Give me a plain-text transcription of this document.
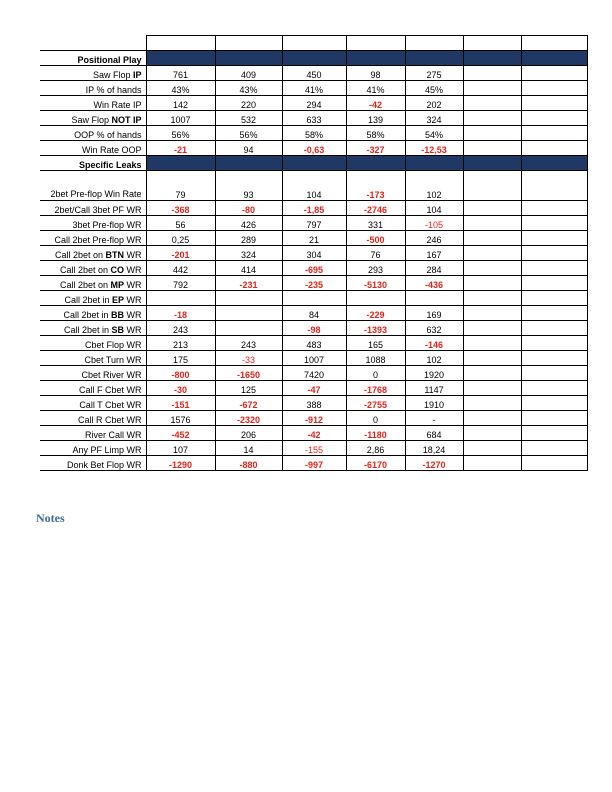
Positional Play							
Saw Flop IP	761	409	450	98	275		
IP % of hands	43%	43%	41%	41%	45%		
Win Rate IP	142	220	294	-42	202		
Saw Flop NOT IP	1007	532	633	139	324		
OOP % of hands	56%	56%	58%	58%	54%		
Win Rate OOP	-21	94	-0,63	-327	-12,53		
Specific Leaks							
2bet Pre-flop Win Rate	79	93	104	-173	102		
2bet/Call 3bet PF WR	-368	-80	-1,85	-2746	104		
3bet Pre-flop WR	56	426	797	331	-105		
Call 2bet Pre-flop WR	0,25	289	21	-500	246		
Call 2bet on BTN WR	-201	324	304	76	167		
Call 2bet on CO WR	442	414	-695	293	284		
Call 2bet on MP WR	792	-231	-235	-5130	-436		
Call 2bet in EP WR							
Call 2bet in BB WR	-18		84	-229	169		
Call 2bet in SB WR	243		-98	-1393	632		
Cbet Flop WR	213	243	483	165	-146		
Cbet Turn WR	175	-33	1007	1088	102		
Cbet River WR	-800	-1650	7420	0	1920		
Call F Cbet WR	-30	125	-47	-1768	1147		
Call T Cbet WR	-151	-672	388	-2755	1910		
Call R Cbet WR	1576	-2320	-912	0	-		
River Call WR	-452	206	-42	-1180	684		
Any PF Limp WR	107	14	-155	2,86	18,24		
Donk Bet Flop WR	-1290	-880	-997	-6170	-1270		
Notes
